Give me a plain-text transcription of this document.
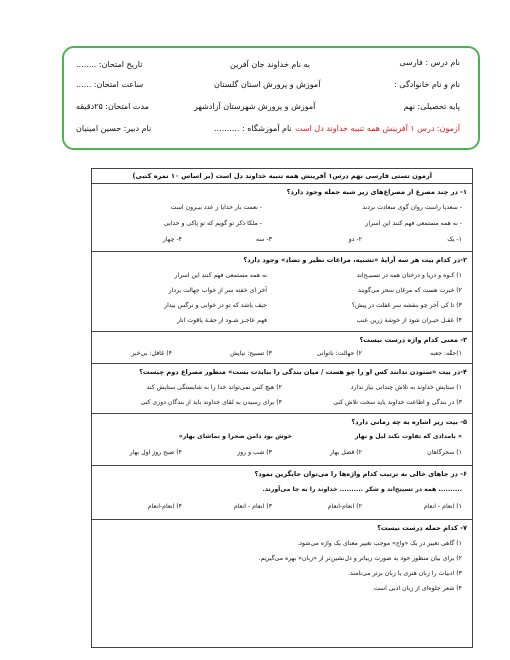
نام درس : فارسی
به نام خداوند جان آفرین
تاریخ امتحان: ........
نام و نام خانوادگی :
آموزش و پرورش استان گلستان
ساعت امتحان: ......
پایه تحصیلی: نهم
آموزش و پرورش شهرستان آزادشهر
مدت امتحان: ۲۵دقیقه
آزمون: درس ۱ آفرینش همه تنبیه خداوند دل است
نام آموزشگاه : ..........
نام دبیر: حسین امینیان
آزمون تستی فارسی نهم درس۱ آفرینش همه تنبیه خداوند دل است (بر اساس ۱۰ نمره کتبی)
۱- در چند مصرع از مصراع‌های زیر شبه جمله وجود دارد؟
- سعدیا راست روان گوی سعادت بردند
- نعمت بار خدایا ز عدد بیـرون است
- نه همه مستمعی فهم کنند این اسرار
- ملکا ذکر تو گویم که تو پاکی و خدایی
۱- یک
۲- دو
۳- سه
۴- چهار
۲-در کدام بیت هر سه آرایهٔ «تشبیه، مراعات نظیر و تضاد» وجود دارد؟
۱) کـوه و دریا و درختان همه در تسبیـح‌اند
نه همه مستمعی فهم کنند این اسرار
۲) خبرت هست که مرغان سحر می‌گویند
آخر ای خفته سر از خواب جهالت بردار
۳) تا کی آخر چو بنفشه سر غفلت در پیش؟
حیف باشد که تو در خوابی و نرگس بیدار
۴) عقـل حیـران شود از خوشهٔ زرین عنب
فهم عاجـز شـود از حقـهٔ یاقوت انار
۳- معنی کدام واژه درست نیست؟
۱)حقّه: جعبه
۲) جهالت: ناتوانی
۳) تسبیح: نیایش
۴) غافل: بی‌خبر
۴-در بیت «ستودن ندانند کس او را چو هست / میان بندگی را ببایدت بست» منظور مصراع دوم چیست؟
۱) ستایش خداوند به تلاش چندانی نیاز ندارد
۲) هیچ کس نمی‌تواند خدا را به شایستگی ستایش کند
۳) در بندگی و اطاعت خداوند باید سخت تلاش کنی
۴) برای رسیدن به لقای خداوند باید از بندگان دوری کنی
۵- بیت زیر اشاره به چه زمانی دارد؟
« بامدادی که تفاوت نکند لیل و نهار
خوش بود دامن صحرا و تماشای بهار»
۱) سحرگاهان
۲) فصل بهار
۳) شب و روز
۴) صبح روز اول بهار
۶- در جاهای خالی به ترتیب کدام واژه‌ها را می‌توان جایگزین نمود؟
.......... همه در تسبیح‌اند و شکر .......... خداوند را به جا می‌آورند.
۱) انعام - انعام
۲) انعام-انعام
۳) انعام - انعام
۴) انعام-انعام
۷- کدام جمله درست نیست؟
۱) گاهی تغییر در یک «واج» موجب تغییر معنای یک واژه می‌شود.
۲) برای بیان منظور خود به صورت زیباتر و دل‌نشین‌تر از «زبان» بهره می‌گیریم.
۳) ادبیات را زبان هنری یا زبان برتر می‌نامند.
۴) شعر جلوه‌ای از زبان ادبی است
